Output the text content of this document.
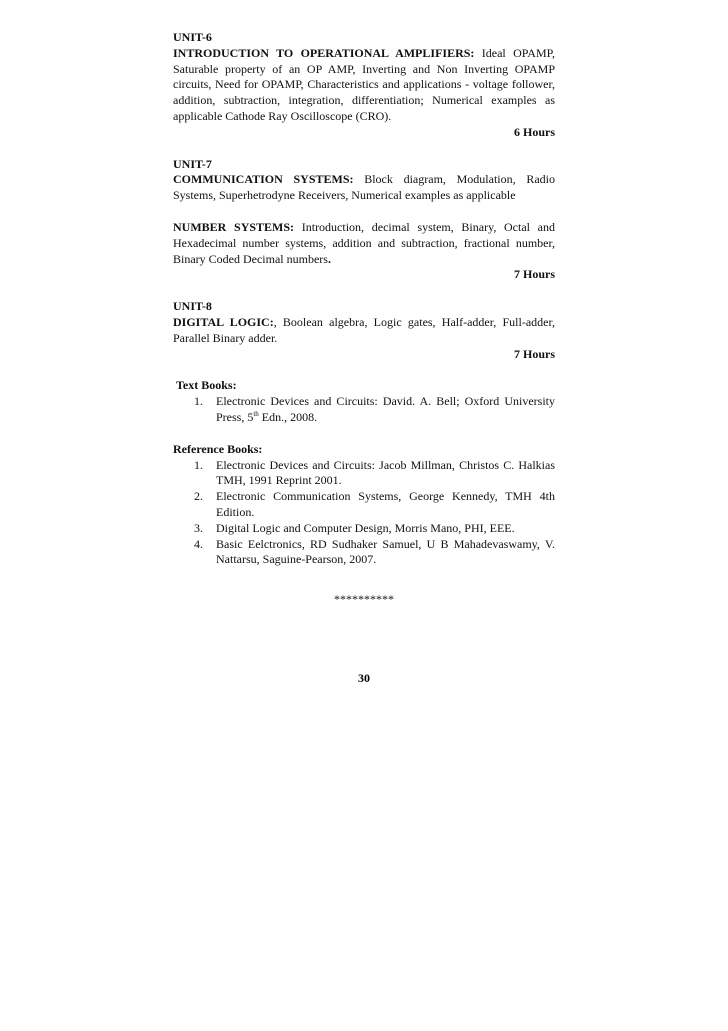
UNIT-6

INTRODUCTION TO OPERATIONAL AMPLIFIERS: Ideal OPAMP, Saturable property of an OP AMP, Inverting and Non Inverting OPAMP circuits, Need for OPAMP, Characteristics and applications - voltage follower, addition, subtraction, integration, differentiation; Numerical examples as applicable Cathode Ray Oscilloscope (CRO).

6 Hours
UNIT-7

COMMUNICATION SYSTEMS: Block diagram, Modulation, Radio Systems, Superhetrodyne Receivers, Numerical examples as applicable

NUMBER SYSTEMS: Introduction, decimal system, Binary, Octal and Hexadecimal number systems, addition and subtraction, fractional number, Binary Coded Decimal numbers.

7 Hours
UNIT-8

DIGITAL LOGIC:, Boolean algebra, Logic gates, Half-adder, Full-adder, Parallel Binary adder.

7 Hours
Text Books:
1.	Electronic Devices and Circuits: David. A. Bell; Oxford University Press, 5th Edn., 2008.
Reference Books:
1.	Electronic Devices and Circuits: Jacob Millman, Christos C. Halkias TMH, 1991 Reprint 2001.
2.	Electronic Communication Systems, George Kennedy, TMH 4th Edition.
3.	Digital Logic and Computer Design, Morris Mano, PHI, EEE.
4.	Basic Eelctronics, RD Sudhaker Samuel, U B Mahadevaswamy, V. Nattarsu, Saguine-Pearson, 2007.
**********
30
